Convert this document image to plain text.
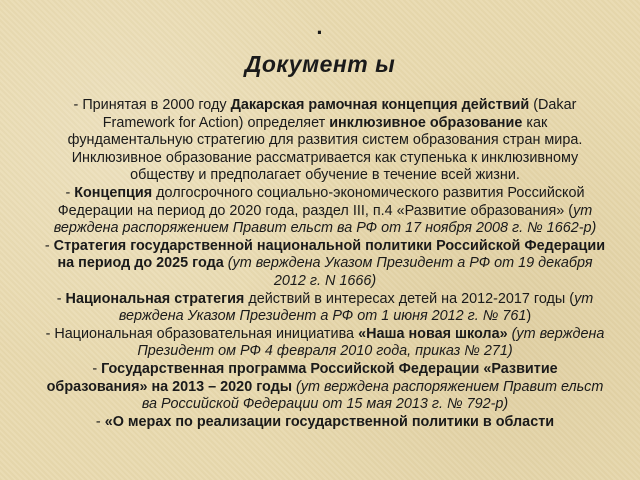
·
Документ ы

- Принятая в 2000 году Дакарская рамочная концепция действий (Dakar Framework for Action) определяет инклюзивное образование как фундаментальную стратегию для развития систем образования стран мира. Инклюзивное образование рассматривается как ступенька к инклюзивному обществу и предполагает обучение в течение всей жизни.

- Концепция долгосрочного социально-экономического развития Российской Федерации на период до 2020 года, раздел III, п.4 «Развитие образования» (ут верждена распоряжением Правит ельст ва РФ от 17 ноября 2008 г. № 1662-р)

- Стратегия государственной национальной политики Российской Федерации на период до 2025 года (ут верждена Указом Президент а РФ от 19 декабря 2012 г. N 1666)

- Национальная стратегия действий в интересах детей на 2012-2017 годы (ут верждена Указом Президент а РФ от 1 июня 2012 г. № 761)

- Национальная образовательная инициатива «Наша новая школа» (ут верждена Президент ом РФ 4 февраля 2010 года, приказ № 271)

- Государственная программа Российской Федерации «Развитие образования» на 2013 – 2020 годы (ут верждена распоряжением Правит ельст ва Российской Федерации от 15 мая 2013 г. № 792-р)

- «О мерах по реализации государственной политики в области
